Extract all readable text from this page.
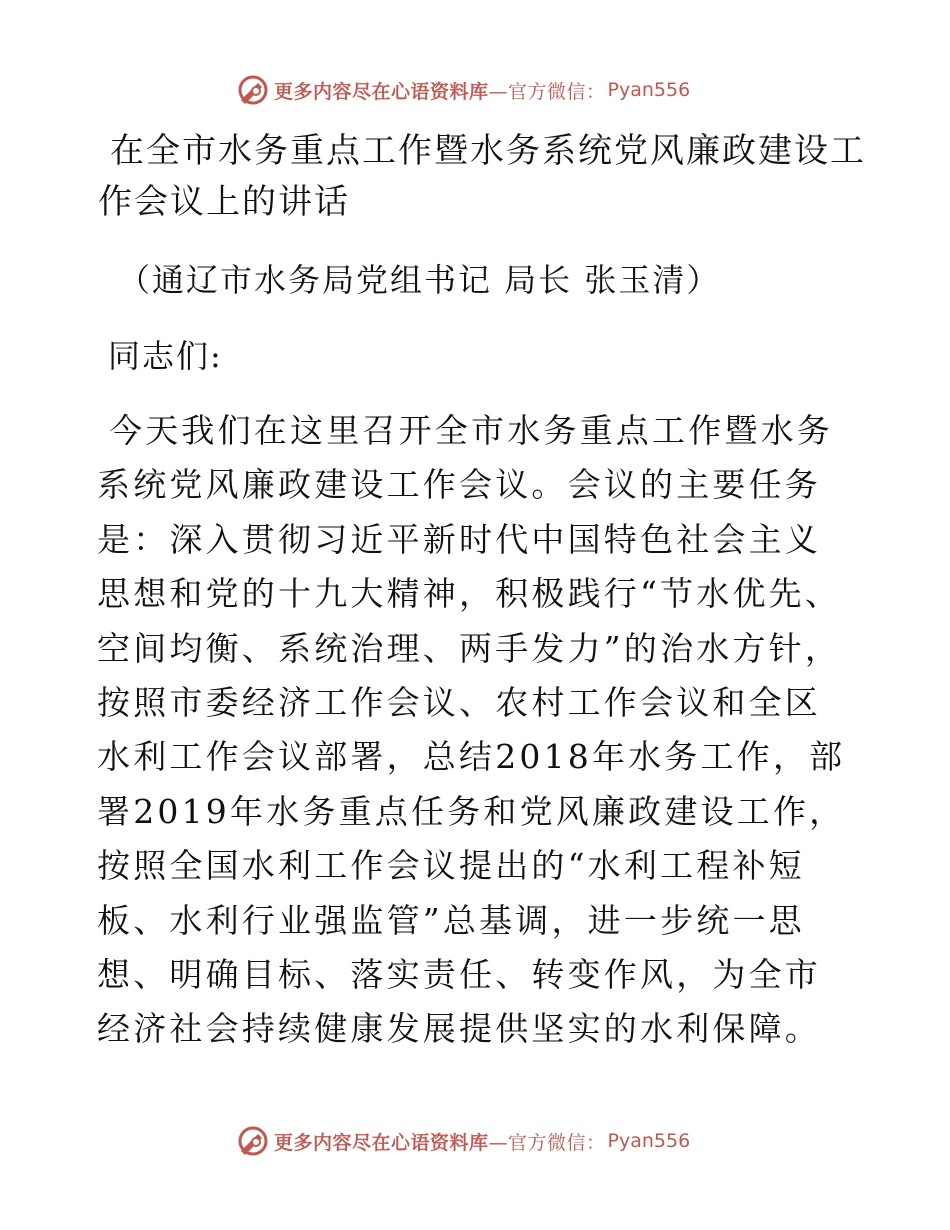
更多内容尽在心语资料库 —官方微信： Pyan556
在全市水务重点工作暨水务系统党风廉政建设工作会议上的讲话

（通辽市水务局党组书记 局长 张玉清）

同志们:

今天我们在这里召开全市水务重点工作暨水务系统党风廉政建设工作会议。会议的主要任务是：深入贯彻习近平新时代中国特色社会主义思想和党的十九大精神，积极践行“节水优先、空间均衡、系统治理、两手发力”的治水方针，按照市委经济工作会议、农村工作会议和全区水利工作会议部署，总结2018年水务工作，部署2019年水务重点任务和党风廉政建设工作，按照全国水利工作会议提出的“水利工程补短板、水利行业强监管”总基调，进一步统一思想、明确目标、落实责任、转变作风，为全市经济社会持续健康发展提供坚实的水利保障。

更多内容尽在心语资料库 —官方微信： Pyan556
